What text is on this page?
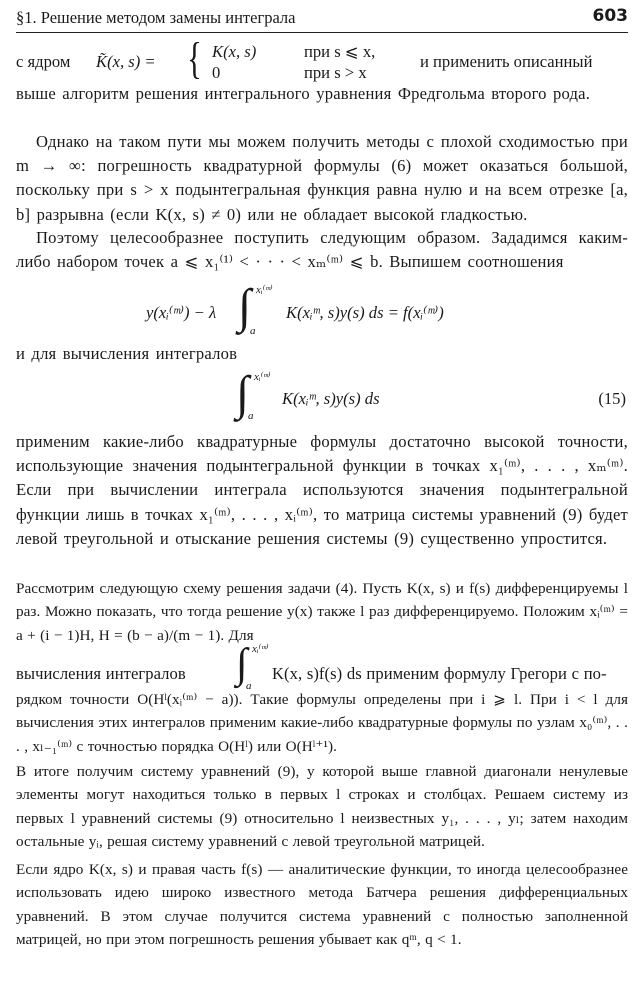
§1. Решение методом замены интеграла	603
с ядром K̃(x, s) = { K(x, s)	при s ⩽ x,
0	при s > x
и применить описанный
выше алгоритм решения интегрального уравнения Фредгольма второго рода.
Однако на таком пути мы можем получить методы с плохой сходимостью при m → ∞: погрешность квадратурной формулы (6) может оказаться большой, поскольку при s > x подынтегральная функция равна нулю и на всем отрезке [a, b] разрывна (если K(x, s) ≠ 0) или не обладает высокой гладкостью.
Поэтому целесообразнее поступить следующим образом. Зададимся каким-либо набором точек a ⩽ x₁⁽¹⁾ < · · · < xₘ⁽ᵐ⁾ ⩽ b. Выпишем соотношения
y(xᵢ⁽ᵐ⁾) − λ ∫ xᵢ⁽ᵐ⁾
a
K(xᵢᵐ, s)y(s) ds = f(xᵢ⁽ᵐ⁾)
и для вычисления интегралов
∫ xᵢ⁽ᵐ⁾
a
K(xᵢᵐ, s)y(s) ds	(15)
применим какие-либо квадратурные формулы достаточно высокой точности, использующие значения подынтегральной функции в точках x₁⁽ᵐ⁾, . . . , xₘ⁽ᵐ⁾. Если при вычислении интеграла используются значения подынтегральной функции лишь в точках x₁⁽ᵐ⁾, . . . , xᵢ⁽ᵐ⁾, то матрица системы уравнений (9) будет левой треугольной и отыскание решения системы (9) существенно упростится.
Рассмотрим следующую схему решения задачи (4). Пусть K(x, s) и f(s) дифференцируемы l раз. Можно показать, что тогда решение y(x) также l раз дифференцируемо. Положим xᵢ⁽ᵐ⁾ = a + (i − 1)H, H = (b − a)/(m − 1). Для
вычисления интегралов ∫ xᵢ⁽ᵐ⁾
a
K(x, s)f(s) ds применим формулу Грегори с по-
рядком точности O(Hˡ(xᵢ⁽ᵐ⁾ − a)). Такие формулы определены при i ⩾ l. При i < l для вычисления этих интегралов применим какие-либо квадратурные формулы по узлам x₀⁽ᵐ⁾, . . . , xₗ₋₁⁽ᵐ⁾ с точностью порядка O(Hˡ) или O(Hˡ⁺¹).
В итоге получим систему уравнений (9), у которой выше главной диагонали ненулевые элементы могут находиться только в первых l строках и столбцах. Решаем систему из первых l уравнений системы (9) относительно l неизвестных y₁, . . . , yₗ; затем находим остальные yᵢ, решая систему уравнений с левой треугольной матрицей.
Если ядро K(x, s) и правая часть f(s) — аналитические функции, то иногда целесообразнее использовать идею широко известного метода Батчера решения дифференциальных уравнений. В этом случае получится система уравнений с полностью заполненной матрицей, но при этом погрешность решения убывает как qᵐ, q < 1.
